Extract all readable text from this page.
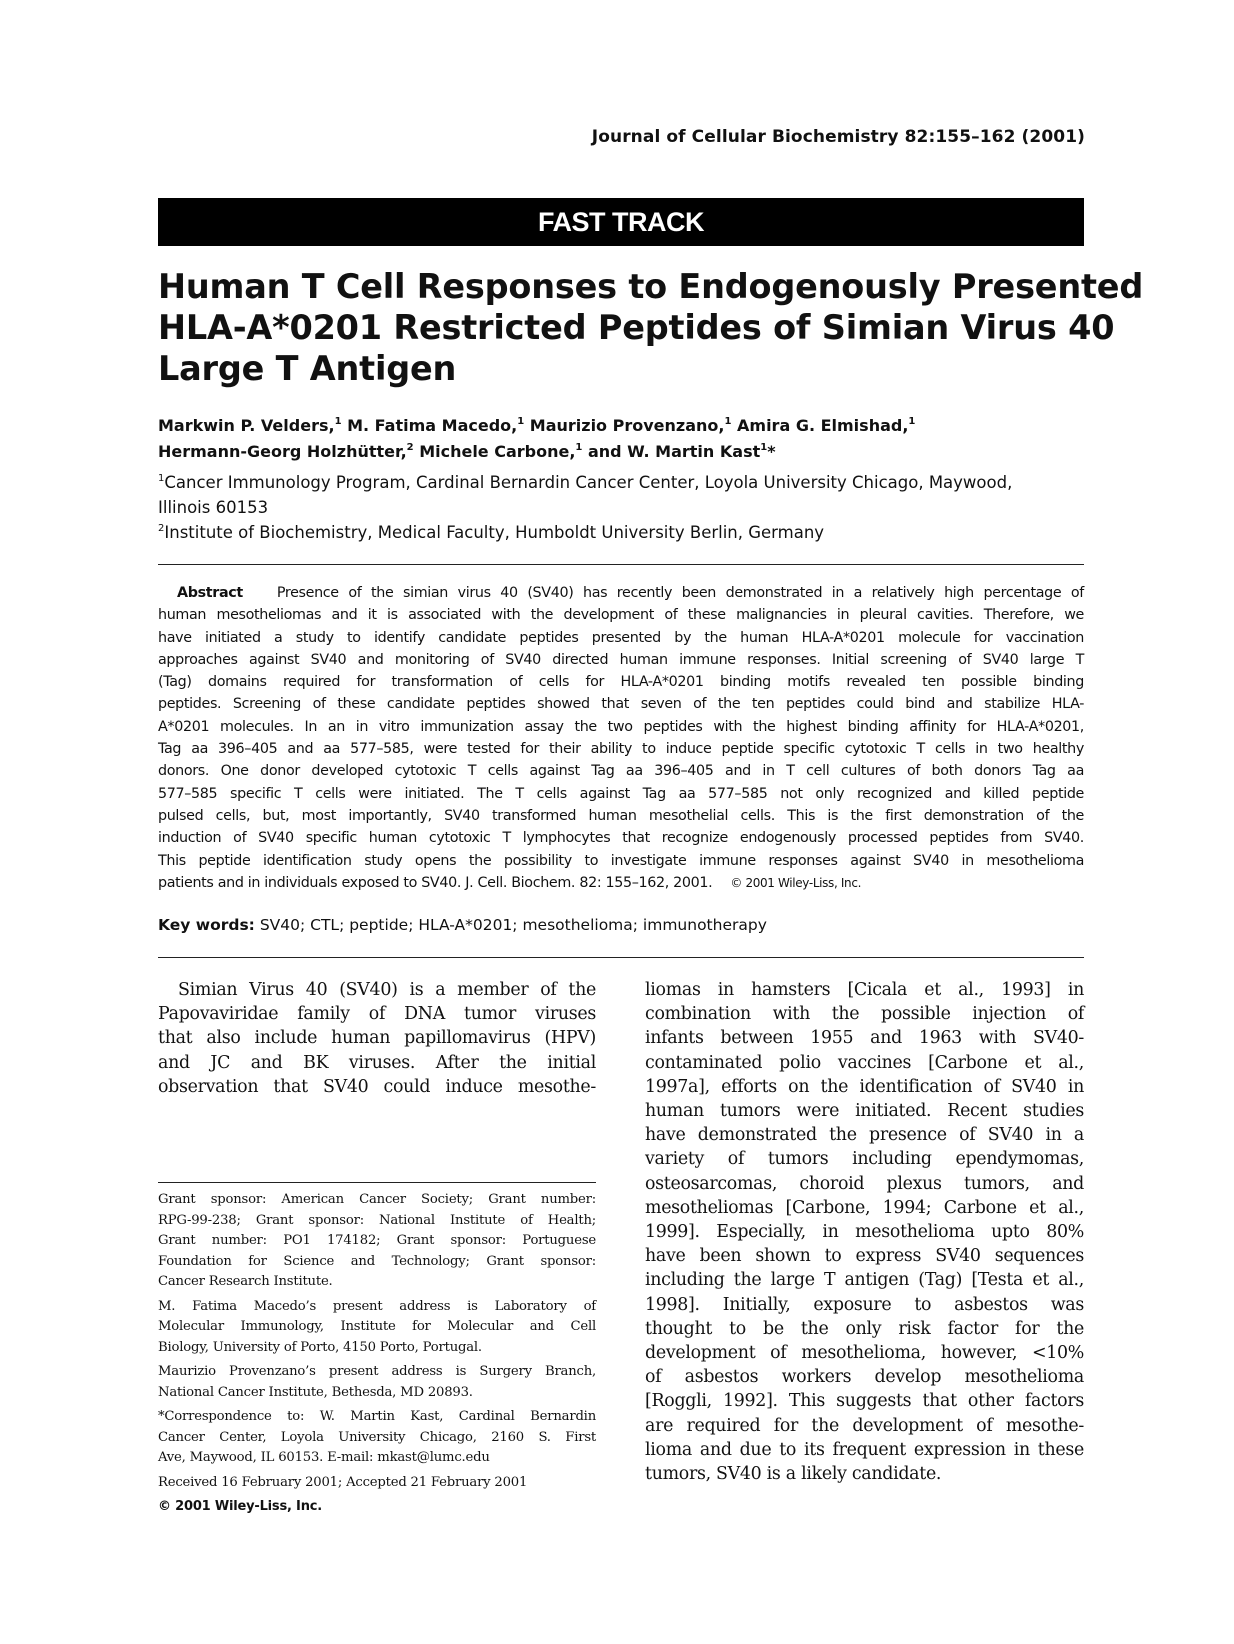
Journal of Cellular Biochemistry 82:155–162 (2001)
FAST TRACK
Human T Cell Responses to Endogenously Presented
HLA-A*0201 Restricted Peptides of Simian Virus 40
Large T Antigen
Markwin P. Velders,$^1$ M. Fatima Macedo,$^1$ Maurizio Provenzano,$^1$ Amira G. Elmishad,$^1$
Hermann-Georg Holzhütter,$^2$ Michele Carbone,$^1$ and W. Martin Kast$^1$*
$^1$Cancer Immunology Program, Cardinal Bernardin Cancer Center, Loyola University Chicago, Maywood,
Illinois 60153
$^2$Institute of Biochemistry, Medical Faculty, Humboldt University Berlin, Germany
Abstract Presence of the simian virus 40 (SV40) has recently been demonstrated in a relatively high percentage of
human mesotheliomas and it is associated with the development of these malignancies in pleural cavities. Therefore, we
have initiated a study to identify candidate peptides presented by the human HLA-A*0201 molecule for vaccination
approaches against SV40 and monitoring of SV40 directed human immune responses. Initial screening of SV40 large T
(Tag) domains required for transformation of cells for HLA-A*0201 binding motifs revealed ten possible binding
peptides. Screening of these candidate peptides showed that seven of the ten peptides could bind and stabilize HLA-
A*0201 molecules. In an in vitro immunization assay the two peptides with the highest binding affinity for HLA-A*0201,
Tag aa 396–405 and aa 577–585, were tested for their ability to induce peptide specific cytotoxic T cells in two healthy
donors. One donor developed cytotoxic T cells against Tag aa 396–405 and in T cell cultures of both donors Tag aa
577–585 specific T cells were initiated. The T cells against Tag aa 577–585 not only recognized and killed peptide
pulsed cells, but, most importantly, SV40 transformed human mesothelial cells. This is the first demonstration of the
induction of SV40 specific human cytotoxic T lymphocytes that recognize endogenously processed peptides from SV40.
This peptide identification study opens the possibility to investigate immune responses against SV40 in mesothelioma
patients and in individuals exposed to SV40. J. Cell. Biochem. 82: 155–162, 2001. © 2001 Wiley-Liss, Inc.
Key words: SV40; CTL; peptide; HLA-A*0201; mesothelioma; immunotherapy
Simian Virus 40 (SV40) is a member of the
Papovaviridae family of DNA tumor viruses
that also include human papillomavirus (HPV)
and JC and BK viruses. After the initial
observation that SV40 could induce mesothe-
Grant sponsor: American Cancer Society; Grant number:
RPG-99-238; Grant sponsor: National Institute of Health;
Grant number: PO1 174182; Grant sponsor: Portuguese
Foundation for Science and Technology; Grant sponsor:
Cancer Research Institute.
M. Fatima Macedo’s present address is Laboratory of
Molecular Immunology, Institute for Molecular and Cell
Biology, University of Porto, 4150 Porto, Portugal.
Maurizio Provenzano’s present address is Surgery Branch,
National Cancer Institute, Bethesda, MD 20893.
*Correspondence to: W. Martin Kast, Cardinal Bernardin
Cancer Center, Loyola University Chicago, 2160 S. First
Ave, Maywood, IL 60153. E-mail: mkast@lumc.edu
Received 16 February 2001; Accepted 21 February 2001
© 2001 Wiley-Liss, Inc.
liomas in hamsters [Cicala et al., 1993] in
combination with the possible injection of
infants between 1955 and 1963 with SV40-
contaminated polio vaccines [Carbone et al.,
1997a], efforts on the identification of SV40 in
human tumors were initiated. Recent studies
have demonstrated the presence of SV40 in a
variety of tumors including ependymomas,
osteosarcomas, choroid plexus tumors, and
mesotheliomas [Carbone, 1994; Carbone et al.,
1999]. Especially, in mesothelioma upto 80%
have been shown to express SV40 sequences
including the large T antigen (Tag) [Testa et al.,
1998]. Initially, exposure to asbestos was
thought to be the only risk factor for the
development of mesothelioma, however, <10%
of asbestos workers develop mesothelioma
[Roggli, 1992]. This suggests that other factors
are required for the development of mesothe-
lioma and due to its frequent expression in these
tumors, SV40 is a likely candidate.
